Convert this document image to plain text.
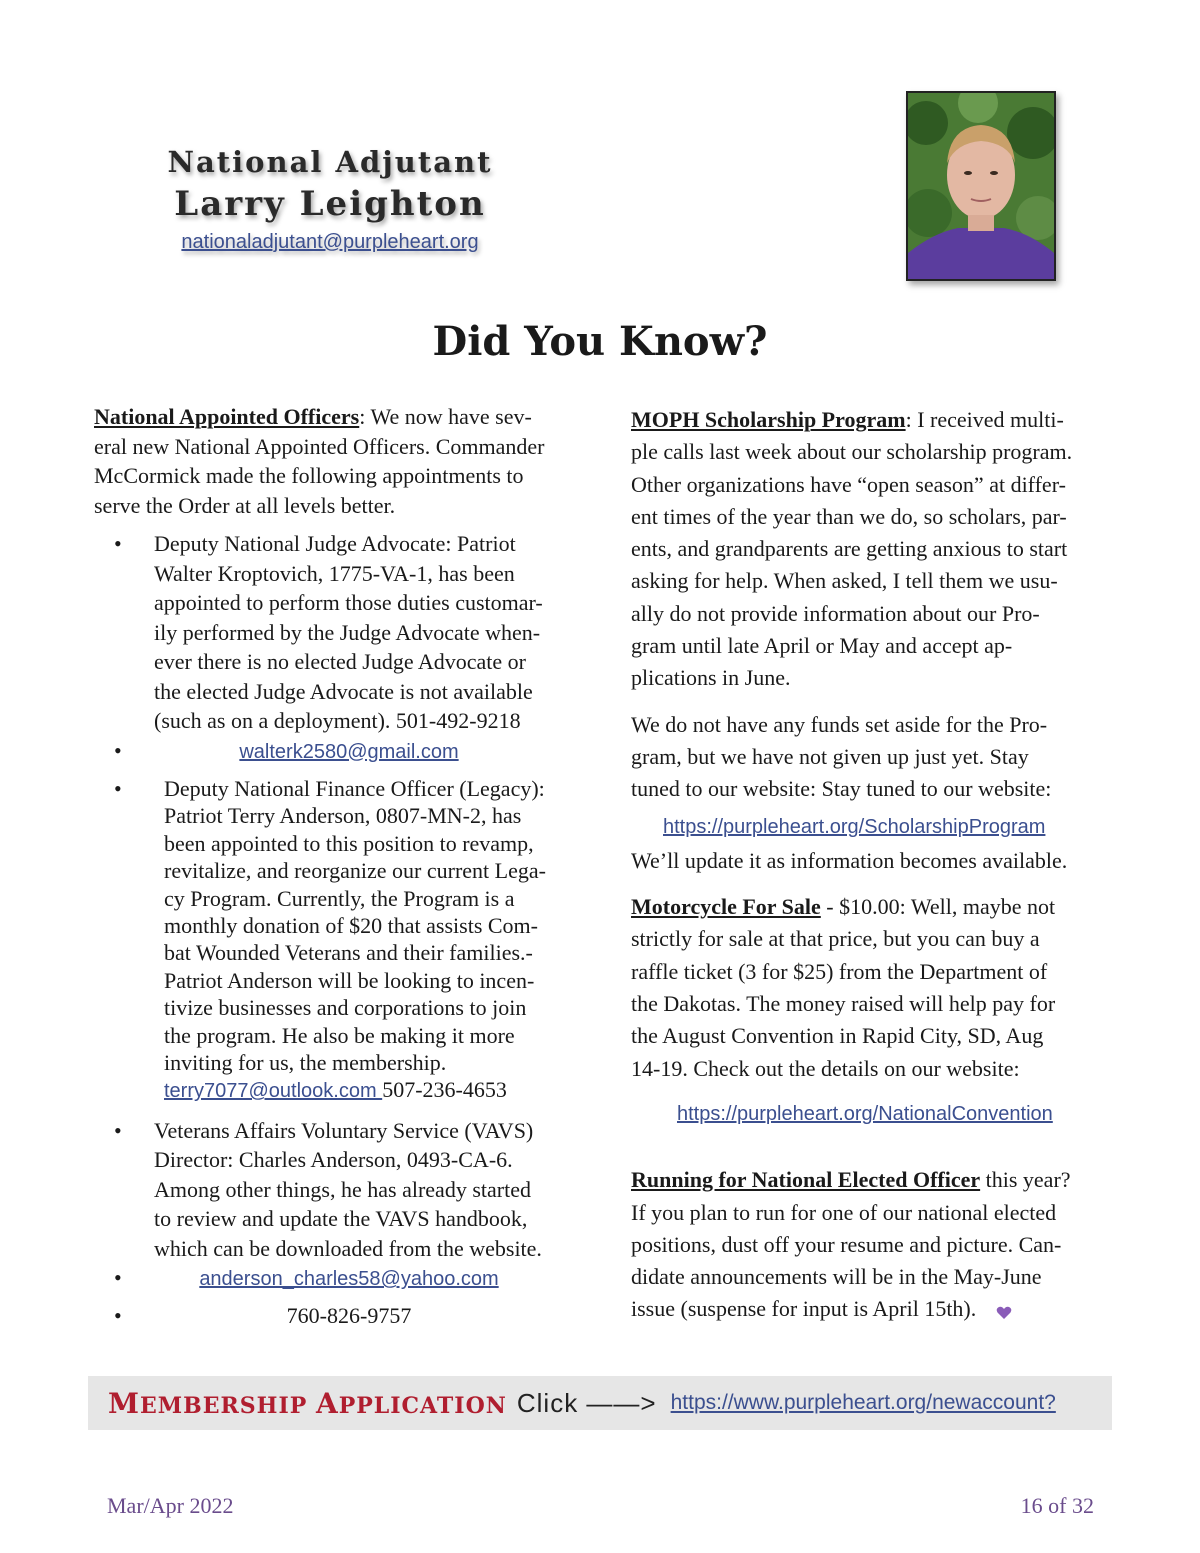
National Adjutant
Larry Leighton
nationaladjutant@purpleheart.org
Did You Know?

National Appointed Officers: We now have sev-
eral new National Appointed Officers. Commander
McCormick made the following appointments to
serve the Order at all levels better.

•	Deputy National Judge Advocate: Patriot
Walter Kroptovich, 1775-VA-1, has been
appointed to perform those duties customar-
ily performed by the Judge Advocate when-
ever there is no elected Judge Advocate or
the elected Judge Advocate is not available
(such as on a deployment). 501-492-9218
•	walterk2580@gmail.com
•	Deputy National Finance Officer (Legacy):
Patriot Terry Anderson, 0807-MN-2, has
been appointed to this position to revamp,
revitalize, and reorganize our current Lega-
cy Program. Currently, the Program is a
monthly donation of $20 that assists Com-
bat Wounded Veterans and their families.-
Patriot Anderson will be looking to incen-
tivize businesses and corporations to join
the program. He also be making it more
inviting for us, the membership.
terry7077@outlook.com 507-236-4653
•	Veterans Affairs Voluntary Service (VAVS)
Director: Charles Anderson, 0493-CA-6.
Among other things, he has already started
to review and update the VAVS handbook,
which can be downloaded from the website.
•	anderson_charles58@yahoo.com
•	760-826-9757

MOPH Scholarship Program: I received multi-
ple calls last week about our scholarship program.
Other organizations have “open season” at differ-
ent times of the year than we do, so scholars, par-
ents, and grandparents are getting anxious to start
asking for help. When asked, I tell them we usu-
ally do not provide information about our Pro-
gram until late April or May and accept ap-
plications in June.

We do not have any funds set aside for the Pro-
gram, but we have not given up just yet. Stay
tuned to our website: Stay tuned to our website:

https://purpleheart.org/ScholarshipProgram

We’ll update it as information becomes available.

Motorcycle For Sale - $10.00: Well, maybe not
strictly for sale at that price, but you can buy a
raffle ticket (3 for $25) from the Department of
the Dakotas. The money raised will help pay for
the August Convention in Rapid City, SD, Aug
14-19. Check out the details on our website:

https://purpleheart.org/NationalConvention

Running for National Elected Officer this year?
If you plan to run for one of our national elected
positions, dust off your resume and picture. Can-
didate announcements will be in the May-June
issue (suspense for input is April 15th).

MEMBERSHIP APPLICATION Click ——> https://www.purpleheart.org/newaccount?
Mar/Apr 2022	16 of 32
